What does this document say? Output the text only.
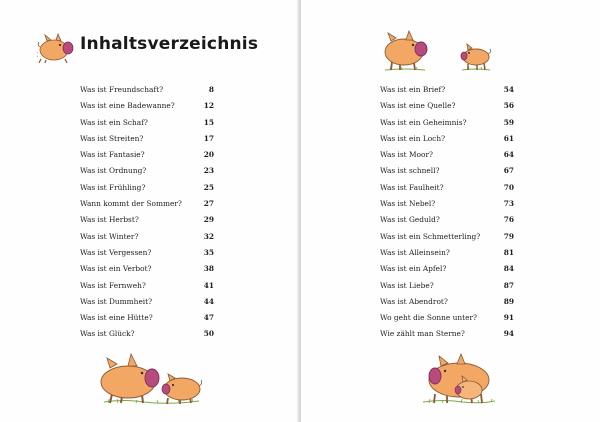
Inhaltsverzeichnis
Was ist Freundschaft?	8
Was ist eine Badewanne?	12
Was ist ein Schaf?	15
Was ist Streiten?	17
Was ist Fantasie?	20
Was ist Ordnung?	23
Was ist Frühling?	25
Wann kommt der Sommer?	27
Was ist Herbst?	29
Was ist Winter?	32
Was ist Vergessen?	35
Was ist ein Verbot?	38
Was ist Fernweh?	41
Was ist Dummheit?	44
Was ist eine Hütte?	47
Was ist Glück?	50
Was ist ein Brief?	54
Was ist eine Quelle?	56
Was ist ein Geheimnis?	59
Was ist ein Loch?	61
Was ist Moor?	64
Was ist schnell?	67
Was ist Faulheit?	70
Was ist Nebel?	73
Was ist Geduld?	76
Was ist ein Schmetterling?	79
Was ist Alleinsein?	81
Was ist ein Apfel?	84
Was ist Liebe?	87
Was ist Abendrot?	89
Wo geht die Sonne unter?	91
Wie zählt man Sterne?	94
